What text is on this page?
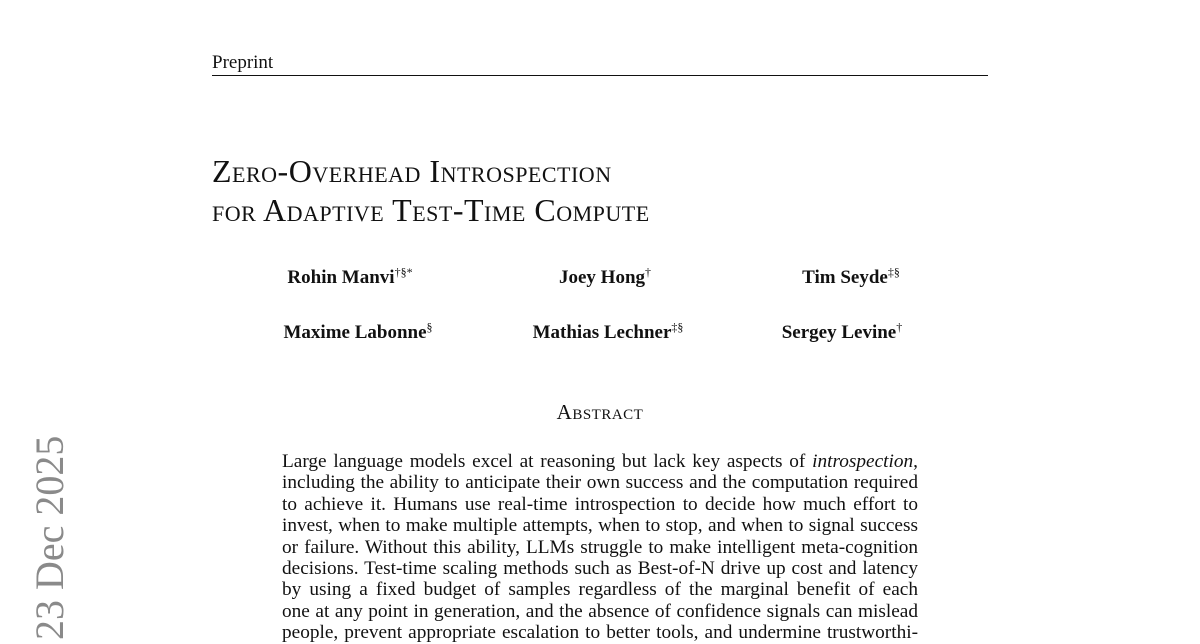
Preprint
Zero-Overhead Introspection
for Adaptive Test-Time Compute
Rohin Manvi†§*	Joey Hong†	Tim Seyde‡§
Maxime Labonne§	Mathias Lechner‡§	Sergey Levine†
Abstract
Large language models excel at reasoning but lack key aspects of introspection,
including the ability to anticipate their own success and the computation required
to achieve it. Humans use real-time introspection to decide how much effort to
invest, when to make multiple attempts, when to stop, and when to signal success
or failure. Without this ability, LLMs struggle to make intelligent meta-cognition
decisions. Test-time scaling methods such as Best-of-N drive up cost and latency
by using a fixed budget of samples regardless of the marginal benefit of each
one at any point in generation, and the absence of confidence signals can mislead
people, prevent appropriate escalation to better tools, and undermine trustworthi-
23 Dec 2025
